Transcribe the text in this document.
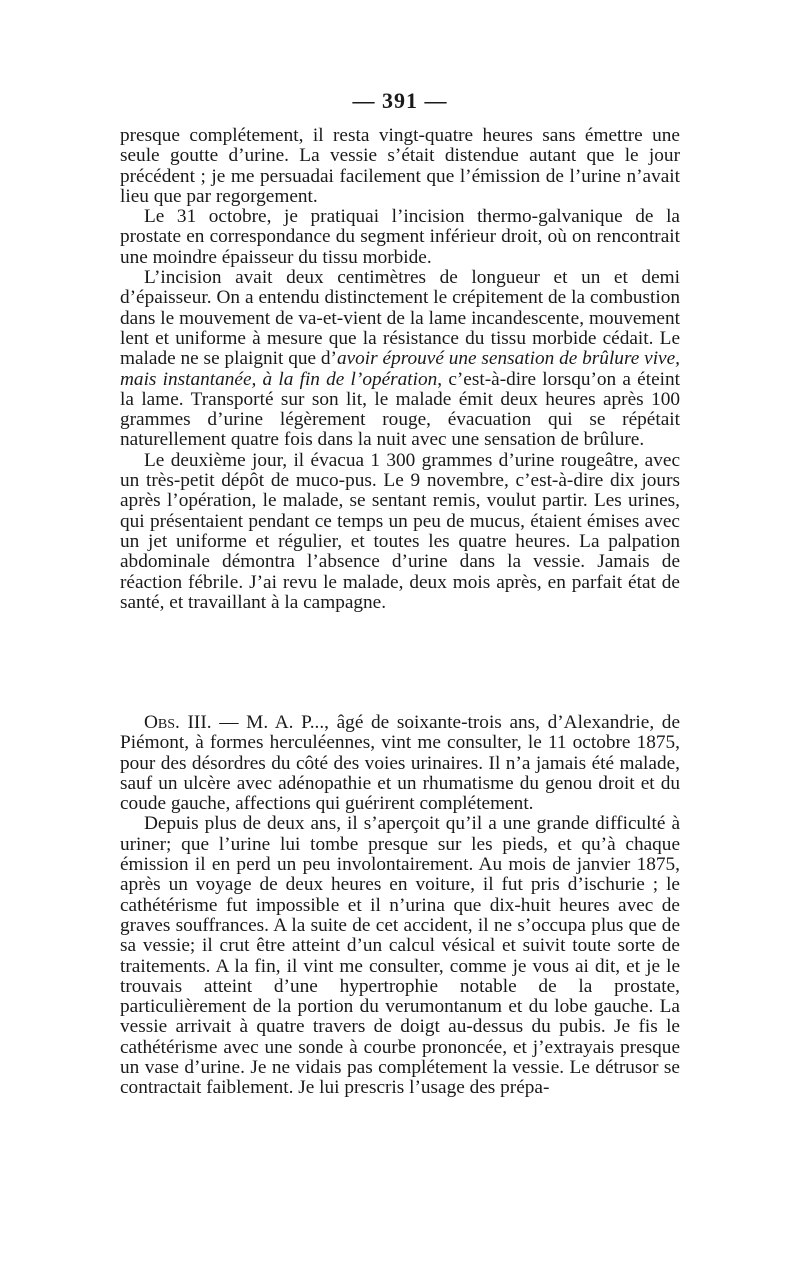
— 391 —

presque complétement, il resta vingt-quatre heures sans émettre une seule goutte d’urine. La vessie s’était distendue autant que le jour précédent ; je me persuadai facilement que l’émission de l’urine n’avait lieu que par regorgement.

Le 31 octobre, je pratiquai l’incision thermo-galvanique de la prostate en correspondance du segment inférieur droit, où on rencontrait une moindre épaisseur du tissu morbide.

L’incision avait deux centimètres de longueur et un et demi d’épaisseur. On a entendu distinctement le crépitement de la combustion dans le mouvement de va-et-vient de la lame incandescente, mouvement lent et uniforme à mesure que la résistance du tissu morbide cédait. Le malade ne se plaignit que d’avoir éprouvé une sensation de brûlure vive, mais instantanée, à la fin de l’opération, c’est-à-dire lorsqu’on a éteint la lame. Transporté sur son lit, le malade émit deux heures après 100 grammes d’urine légèrement rouge, évacuation qui se répétait naturellement quatre fois dans la nuit avec une sensation de brûlure.

Le deuxième jour, il évacua 1 300 grammes d’urine rougeâtre, avec un très-petit dépôt de muco-pus. Le 9 novembre, c’est-à-dire dix jours après l’opération, le malade, se sentant remis, voulut partir. Les urines, qui présentaient pendant ce temps un peu de mucus, étaient émises avec un jet uniforme et régulier, et toutes les quatre heures. La palpation abdominale démontra l’absence d’urine dans la vessie. Jamais de réaction fébrile. J’ai revu le malade, deux mois après, en parfait état de santé, et travaillant à la campagne.

Obs. III. — M. A. P..., âgé de soixante-trois ans, d’Alexandrie, de Piémont, à formes herculéennes, vint me consulter, le 11 octobre 1875, pour des désordres du côté des voies urinaires. Il n’a jamais été malade, sauf un ulcère avec adénopathie et un rhumatisme du genou droit et du coude gauche, affections qui guérirent complétement.

Depuis plus de deux ans, il s’aperçoit qu’il a une grande difficulté à uriner; que l’urine lui tombe presque sur les pieds, et qu’à chaque émission il en perd un peu involontairement. Au mois de janvier 1875, après un voyage de deux heures en voiture, il fut pris d’ischurie ; le cathétérisme fut impossible et il n’urina que dix-huit heures avec de graves souffrances. A la suite de cet accident, il ne s’occupa plus que de sa vessie; il crut être atteint d’un calcul vésical et suivit toute sorte de traitements. A la fin, il vint me consulter, comme je vous ai dit, et je le trouvais atteint d’une hypertrophie notable de la prostate, particulièrement de la portion du verumontanum et du lobe gauche. La vessie arrivait à quatre travers de doigt au-dessus du pubis. Je fis le cathétérisme avec une sonde à courbe prononcée, et j’extrayais presque un vase d’urine. Je ne vidais pas complétement la vessie. Le détrusor se contractait faiblement. Je lui prescris l’usage des prépa-
